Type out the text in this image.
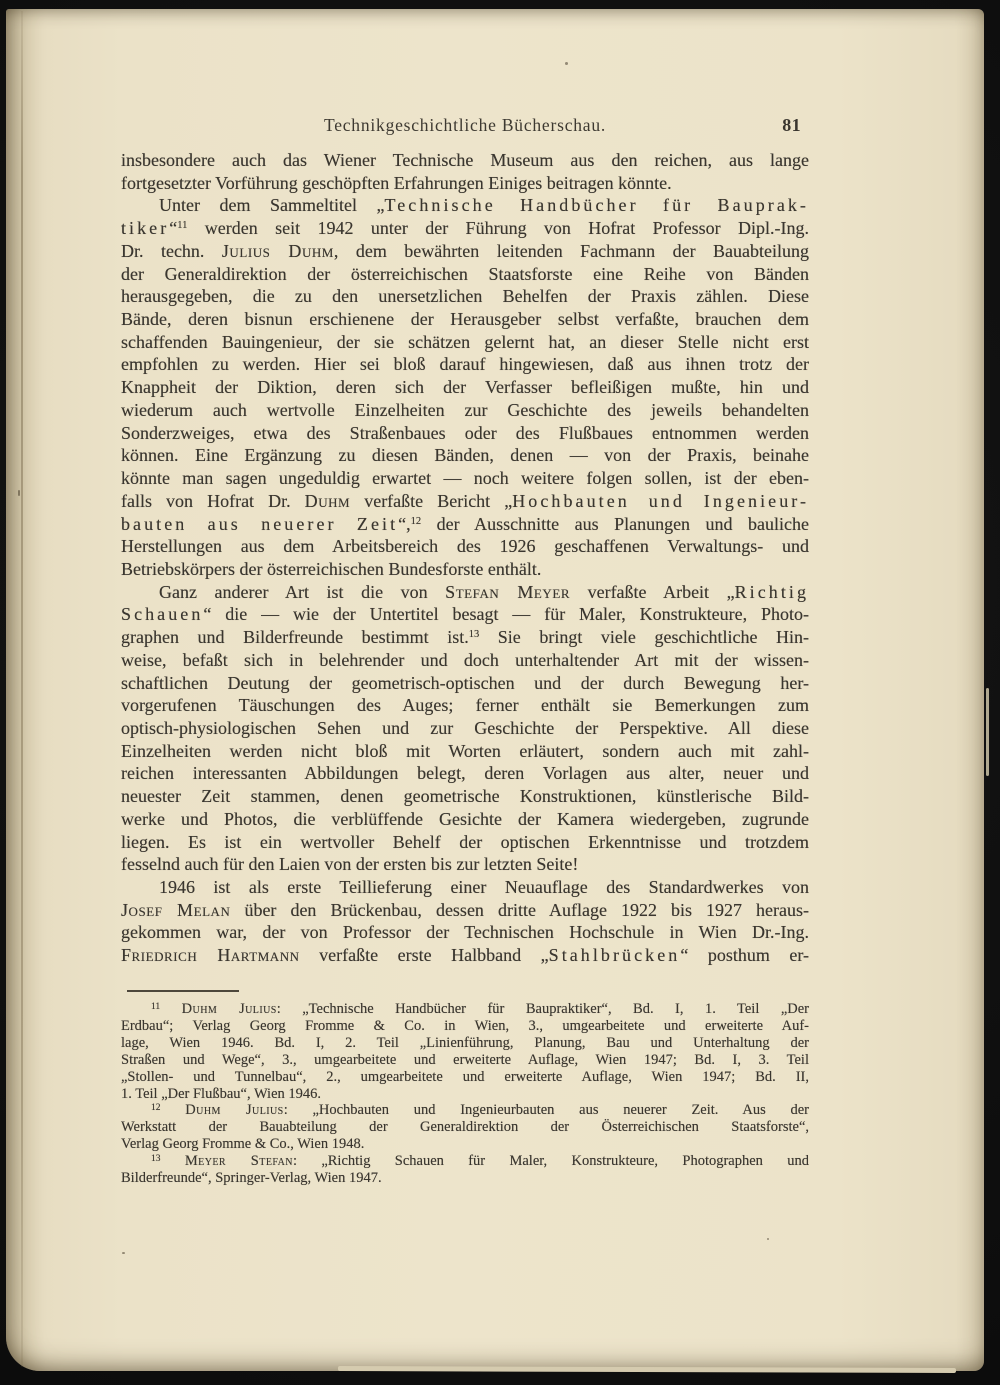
Technikgeschichtliche Bücherschau.	81
insbesondere auch das Wiener Technische Museum aus den reichen, aus lange
fortgesetzter Vorführung geschöpften Erfahrungen Einiges beitragen könnte.
Unter dem Sammeltitel „Technische Handbücher für Bauprak-
tiker“$^{11}$ werden seit 1942 unter der Führung von Hofrat Professor Dipl.-Ing.
Dr. techn. Julius Duhm, dem bewährten leitenden Fachmann der Bauabteilung
der Generaldirektion der österreichischen Staatsforste eine Reihe von Bänden
herausgegeben, die zu den unersetzlichen Behelfen der Praxis zählen. Diese
Bände, deren bisnun erschienene der Herausgeber selbst verfaßte, brauchen dem
schaffenden Bauingenieur, der sie schätzen gelernt hat, an dieser Stelle nicht erst
empfohlen zu werden. Hier sei bloß darauf hingewiesen, daß aus ihnen trotz der
Knappheit der Diktion, deren sich der Verfasser befleißigen mußte, hin und
wiederum auch wertvolle Einzelheiten zur Geschichte des jeweils behandelten
Sonderzweiges, etwa des Straßenbaues oder des Flußbaues entnommen werden
können. Eine Ergänzung zu diesen Bänden, denen — von der Praxis, beinahe
könnte man sagen ungeduldig erwartet — noch weitere folgen sollen, ist der eben-
falls von Hofrat Dr. Duhm verfaßte Bericht „Hochbauten und Ingenieur-
bauten aus neuerer Zeit“,$^{12}$ der Ausschnitte aus Planungen und bauliche
Herstellungen aus dem Arbeitsbereich des 1926 geschaffenen Verwaltungs- und
Betriebskörpers der österreichischen Bundesforste enthält.
Ganz anderer Art ist die von Stefan Meyer verfaßte Arbeit „Richtig
Schauen“ die — wie der Untertitel besagt — für Maler, Konstrukteure, Photo-
graphen und Bilderfreunde bestimmt ist.$^{13}$ Sie bringt viele geschichtliche Hin-
weise, befaßt sich in belehrender und doch unterhaltender Art mit der wissen-
schaftlichen Deutung der geometrisch-optischen und der durch Bewegung her-
vorgerufenen Täuschungen des Auges; ferner enthält sie Bemerkungen zum
optisch-physiologischen Sehen und zur Geschichte der Perspektive. All diese
Einzelheiten werden nicht bloß mit Worten erläutert, sondern auch mit zahl-
reichen interessanten Abbildungen belegt, deren Vorlagen aus alter, neuer und
neuester Zeit stammen, denen geometrische Konstruktionen, künstlerische Bild-
werke und Photos, die verblüffende Gesichte der Kamera wiedergeben, zugrunde
liegen. Es ist ein wertvoller Behelf der optischen Erkenntnisse und trotzdem
fesselnd auch für den Laien von der ersten bis zur letzten Seite!
1946 ist als erste Teillieferung einer Neuauflage des Standardwerkes von
Josef Melan über den Brückenbau, dessen dritte Auflage 1922 bis 1927 heraus-
gekommen war, der von Professor der Technischen Hochschule in Wien Dr.-Ing.
Friedrich Hartmann verfaßte erste Halbband „Stahlbrücken“ posthum er-
$^{11}$ Duhm Julius: „Technische Handbücher für Baupraktiker“, Bd. I, 1. Teil „Der
Erdbau“; Verlag Georg Fromme & Co. in Wien, 3., umgearbeitete und erweiterte Auf-
lage, Wien 1946. Bd. I, 2. Teil „Linienführung, Planung, Bau und Unterhaltung der
Straßen und Wege“, 3., umgearbeitete und erweiterte Auflage, Wien 1947; Bd. I, 3. Teil
„Stollen- und Tunnelbau“, 2., umgearbeitete und erweiterte Auflage, Wien 1947; Bd. II,
1. Teil „Der Flußbau“, Wien 1946.
$^{12}$ Duhm Julius: „Hochbauten und Ingenieurbauten aus neuerer Zeit. Aus der
Werkstatt der Bauabteilung der Generaldirektion der Österreichischen Staatsforste“,
Verlag Georg Fromme & Co., Wien 1948.
$^{13}$ Meyer Stefan: „Richtig Schauen für Maler, Konstrukteure, Photographen und
Bilderfreunde“, Springer-Verlag, Wien 1947.
